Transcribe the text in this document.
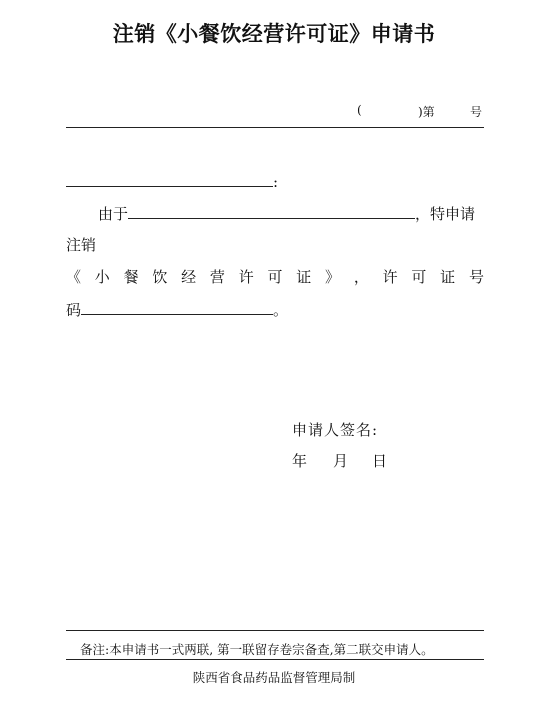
注销《小餐饮经营许可证》申请书
(	)第	号
:
由于	，特申请
注销
《 小 餐 饮 经 营 许 可 证 》 ， 许 可 证 号
码	。
申请人签名:
年 月 日
备注:本申请书一式两联, 第一联留存卷宗备查,第二联交申请人。
陕西省食品药品监督管理局制
